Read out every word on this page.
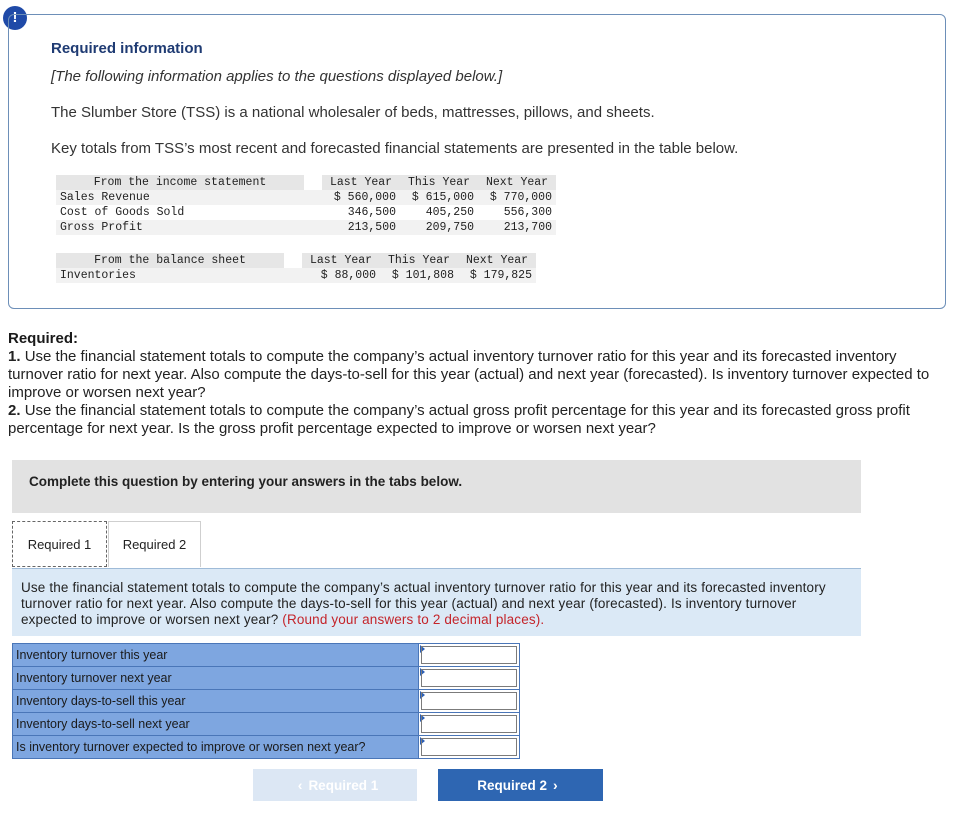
!
Required information
[The following information applies to the questions displayed below.]
The Slumber Store (TSS) is a national wholesaler of beds, mattresses, pillows, and sheets.
Key totals from TSS’s most recent and forecasted financial statements are presented in the table below.
From the income statement		Last Year	This Year	Next Year
Sales Revenue		$ 560,000	$ 615,000	$ 770,000
Cost of Goods Sold		346,500	405,250	556,300
Gross Profit		213,500	209,750	213,700
From the balance sheet		Last Year	This Year	Next Year
Inventories		$ 88,000	$ 101,808	$ 179,825
Required:
1. Use the financial statement totals to compute the company’s actual inventory turnover ratio for this year and its forecasted inventory turnover ratio for next year. Also compute the days-to-sell for this year (actual) and next year (forecasted). Is inventory turnover expected to improve or worsen next year?
2. Use the financial statement totals to compute the company’s actual gross profit percentage for this year and its forecasted gross profit percentage for next year. Is the gross profit percentage expected to improve or worsen next year?
Complete this question by entering your answers in the tabs below.
Required 1	Required 2
Use the financial statement totals to compute the company’s actual inventory turnover ratio for this year and its forecasted inventory turnover ratio for next year. Also compute the days-to-sell for this year (actual) and next year (forecasted). Is inventory turnover expected to improve or worsen next year? (Round your answers to 2 decimal places).
Inventory turnover this year	

Inventory turnover next year	

Inventory days-to-sell this year	

Inventory days-to-sell next year	

Is inventory turnover expected to improve or worsen next year?	
‹ Required 1	Required 2 ›
